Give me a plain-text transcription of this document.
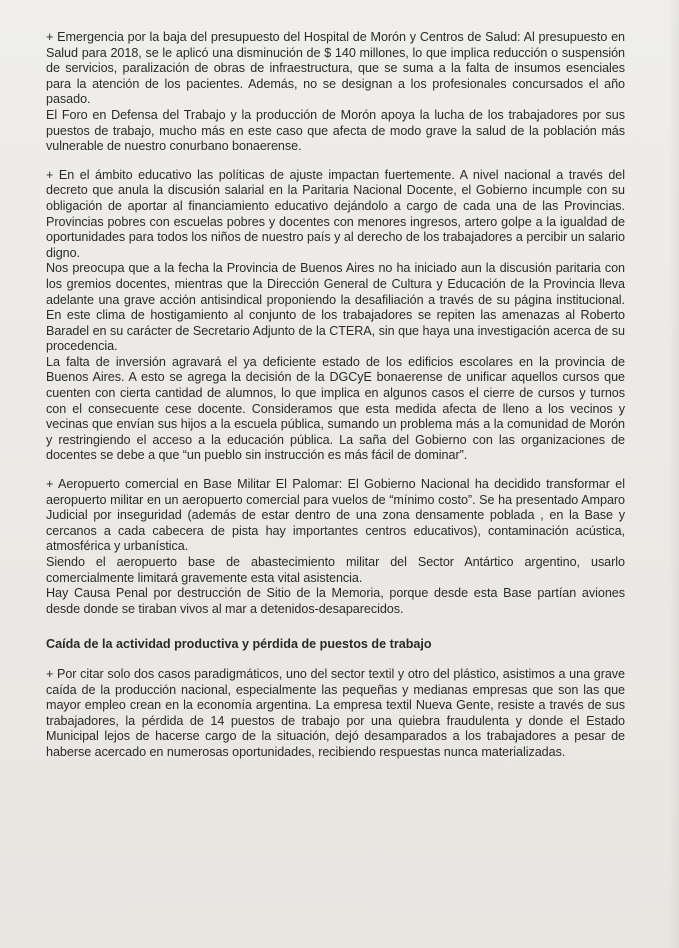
+ Emergencia por la baja del presupuesto del Hospital de Morón y Centros de Salud: Al presupuesto en Salud para 2018, se le aplicó una disminución de $ 140 millones, lo que implica reducción o suspensión de servicios, paralización de obras de infraestructura, que se suma a la falta de insumos esenciales para la atención de los pacientes. Además, no se designan a los profesionales concursados el año pasado.

El Foro en Defensa del Trabajo y la producción de Morón apoya la lucha de los trabajadores por sus puestos de trabajo, mucho más en este caso que afecta de modo grave la salud de la población más vulnerable de nuestro conurbano bonaerense.

+ En el ámbito educativo las políticas de ajuste impactan fuertemente. A nivel nacional a través del decreto que anula la discusión salarial en la Paritaria Nacional Docente, el Gobierno incumple con su obligación de aportar al financiamiento educativo dejándolo a cargo de cada una de las Provincias. Provincias pobres con escuelas pobres y docentes con menores ingresos, artero golpe a la igualdad de oportunidades para todos los niños de nuestro país y al derecho de los trabajadores a percibir un salario digno.

Nos preocupa que a la fecha la Provincia de Buenos Aires no ha iniciado aun la discusión paritaria con los gremios docentes, mientras que la Dirección General de Cultura y Educación de la Provincia lleva adelante una grave acción antisindical proponiendo la desafiliación a través de su página institucional. En este clima de hostigamiento al conjunto de los trabajadores se repiten las amenazas al Roberto Baradel en su carácter de Secretario Adjunto de la CTERA, sin que haya una investigación acerca de su procedencia.

La falta de inversión agravará el ya deficiente estado de los edificios escolares en la provincia de Buenos Aires. A esto se agrega la decisión de la DGCyE bonaerense de unificar aquellos cursos que cuenten con cierta cantidad de alumnos, lo que implica en algunos casos el cierre de cursos y turnos con el consecuente cese docente. Consideramos que esta medida afecta de lleno a los vecinos y vecinas que envían sus hijos a la escuela pública, sumando un problema más a la comunidad de Morón y restringiendo el acceso a la educación pública. La saña del Gobierno con las organizaciones de docentes se debe a que “un pueblo sin instrucción es más fácil de dominar”.

+ Aeropuerto comercial en Base Militar El Palomar: El Gobierno Nacional ha decidido transformar el aeropuerto militar en un aeropuerto comercial para vuelos de “mínimo costo”. Se ha presentado Amparo Judicial por inseguridad (además de estar dentro de una zona densamente poblada , en la Base y cercanos a cada cabecera de pista hay importantes centros educativos), contaminación acústica, atmosférica y urbanística.

Siendo el aeropuerto base de abastecimiento militar del Sector Antártico argentino, usarlo comercialmente limitará gravemente esta vital asistencia.

Hay Causa Penal por destrucción de Sitio de la Memoria, porque desde esta Base partían aviones desde donde se tiraban vivos al mar a detenidos-desaparecidos.

Caída de la actividad productiva y pérdida de puestos de trabajo

+ Por citar solo dos casos paradigmáticos, uno del sector textil y otro del plástico, asistimos a una grave caída de la producción nacional, especialmente las pequeñas y medianas empresas que son las que mayor empleo crean en la economía argentina. La empresa textil Nueva Gente, resiste a través de sus trabajadores, la pérdida de 14 puestos de trabajo por una quiebra fraudulenta y donde el Estado Municipal lejos de hacerse cargo de la situación, dejó desamparados a los trabajadores a pesar de haberse acercado en numerosas oportunidades, recibiendo respuestas nunca materializadas.
